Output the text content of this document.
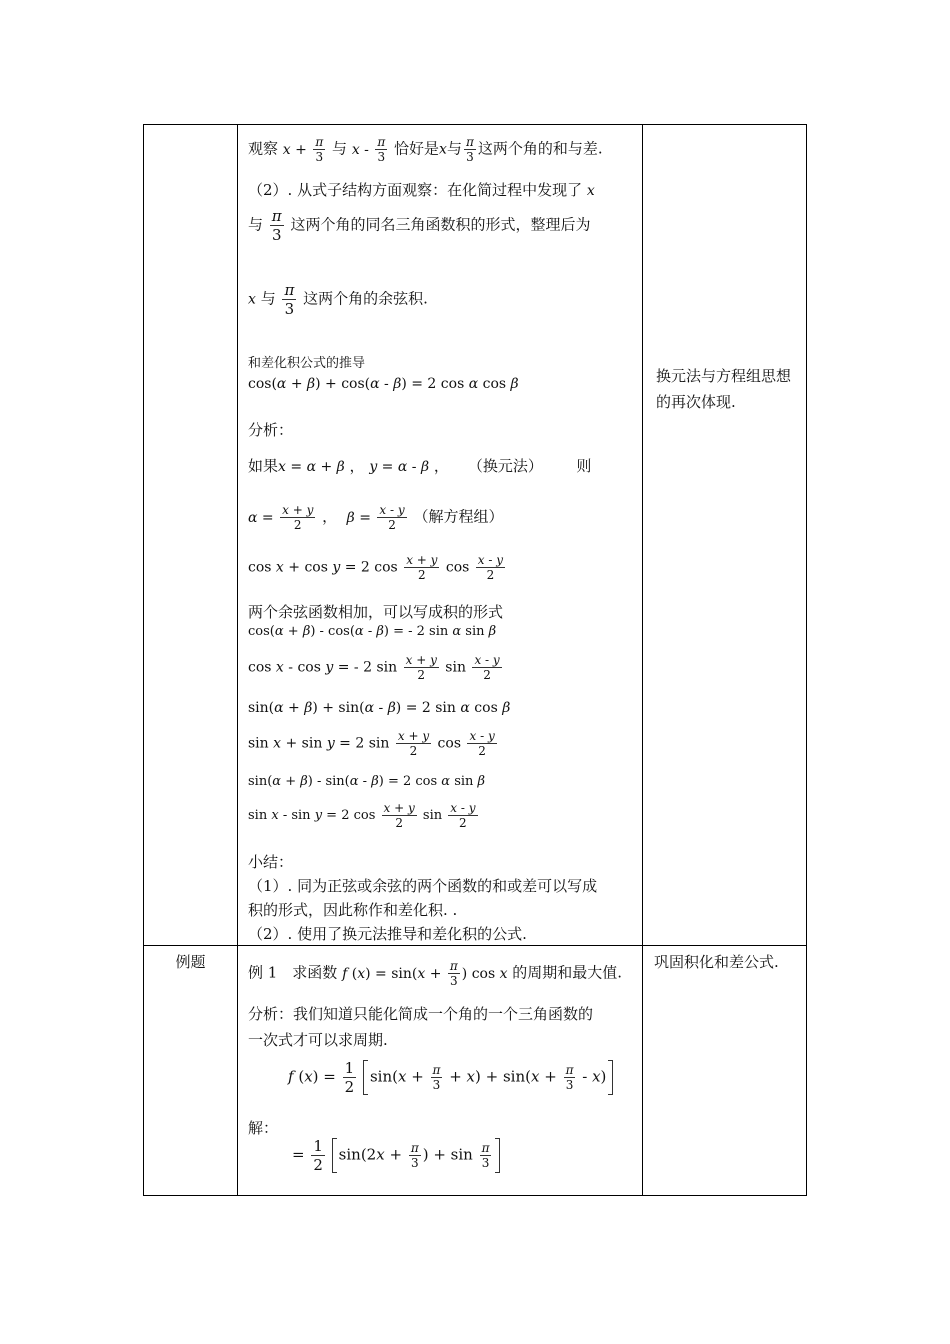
观察 $x + \frac{\pi}{3}$ 与 x - $\frac{\pi}{3}$ 恰好是x与 $\frac{\pi}{3}$ 这两个角的和与差.
（2）. 从式子结构方面观察：在化简过程中发现了 x
与 $\frac{\pi}{3}$ 这两个角的同名三角函数积的形式，整理后为
x 与 $\frac{\pi}{3}$ 这两个角的余弦积.
和差化积公式的推导
cos(α + β) + cos(α - β) = 2 cos α cos β
分析：
如果x = α + β ， y = α - β ，    （换元法） 则
$\alpha = \frac{x + y}{2}$ ，  $\beta = \frac{x - y}{2}$ （解方程组）
cos x + cos y = 2 $\cos \frac{x + y}{2}$ $\cos \frac{x - y}{2}$
两个余弦函数相加，可以写成积的形式
cos(α + β) - cos(α - β) = - 2 sin α sin β
cos x - cos y = - 2 $\sin \frac{x + y}{2}$ $\sin \frac{x - y}{2}$
sin(α + β) + sin(α - β) = 2 sin α cos β
sin x + sin y = 2 $\sin \frac{x + y}{2}$ $\cos \frac{x - y}{2}$
sin(α + β) - sin(α - β) = 2 cos α sin β
sin x - sin y = 2 $\cos \frac{x + y}{2}$ $\sin \frac{x - y}{2}$
小结：
（1）. 同为正弦或余弦的两个函数的和或差可以写成
积的形式，因此称作和差化积. .
（2）. 使用了换元法推导和差化积的公式.
换元法与方程组思想的再次体现.
例题
例 1　求函数 f $(x) = \sin(x + \frac{\pi}{3}$ ) cos x 的周期和最大值.
分析：我们知道只能化简成一个角的一个三角函数的
一次式才可以求周期.
f $(x) = \frac{1}{2} \sin(x + \frac{\pi}{3} + x) + \sin(x + \frac{\pi}{3} - x)$
解：
= $\frac{1}{2} \sin(2x + \frac{\pi}{3}$ ) + $\sin \frac{\pi}{3}$
巩固积化和差公式.
